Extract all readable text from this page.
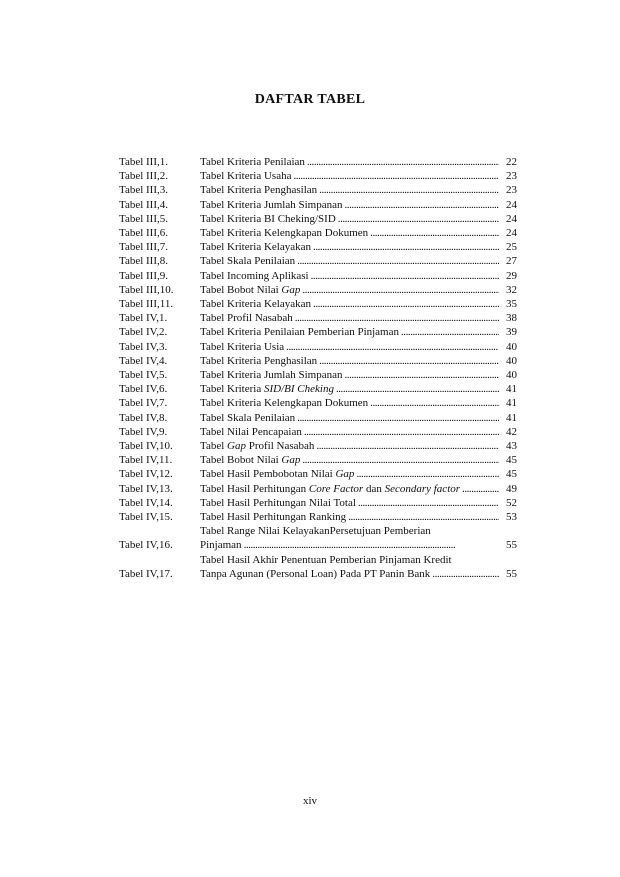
DAFTAR TABEL
Tabel III,1.	Tabel Kriteria Penilaian . . .	22
Tabel III,2.	Tabel Kriteria Usaha . . .	23
Tabel III,3.	Tabel Kriteria Penghasilan . . .	23
Tabel III,4.	Tabel Kriteria Jumlah Simpanan . . .	24
Tabel III,5.	Tabel Kriteria BI Cheking/SID . . .	24
Tabel III,6.	Tabel Kriteria Kelengkapan Dokumen . . .	24
Tabel III,7.	Tabel Kriteria Kelayakan . . .	25
Tabel III,8.	Tabel Skala Penilaian . . .	27
Tabel III,9.	Tabel Incoming Aplikasi . . .	29
Tabel III,10.	Tabel Bobot Nilai Gap . . .	32
Tabel III,11.	Tabel Kriteria Kelayakan . . .	35
Tabel IV,1.	Tabel Profil Nasabah . . .	38
Tabel IV,2.	Tabel Kriteria Penilaian Pemberian Pinjaman . . .	39
Tabel IV,3.	Tabel Kriteria Usia . . .	40
Tabel IV,4.	Tabel Kriteria Penghasilan . . .	40
Tabel IV,5.	Tabel Kriteria Jumlah Simpanan . . .	40
Tabel IV,6.	Tabel Kriteria SID/BI Cheking . . .	41
Tabel IV,7.	Tabel Kriteria Kelengkapan Dokumen . . .	41
Tabel IV,8.	Tabel Skala Penilaian . . .	41
Tabel IV,9.	Tabel Nilai Pencapaian . . .	42
Tabel IV,10.	Tabel Gap Profil Nasabah . . .	43
Tabel IV,11.	Tabel Bobot Nilai Gap . . .	45
Tabel IV,12.	Tabel Hasil Pembobotan Nilai Gap . . .	45
Tabel IV,13.	Tabel Hasil Perhitungan Core Factor dan Secondary factor . . .	49
Tabel IV,14.	Tabel Hasil Perhitungan Nilai Total . . .	52
Tabel IV,15.	Tabel Hasil Perhitungan Ranking . . .	53
Tabel IV,16.
Tabel Range Nilai KelayakanPersetujuan Pemberian
Pinjaman . . .	55
Tabel IV,17.
Tabel Hasil Akhir Penentuan Pemberian Pinjaman Kredit
Tanpa Agunan (Personal Loan) Pada PT Panin Bank . . .	55
xiv
